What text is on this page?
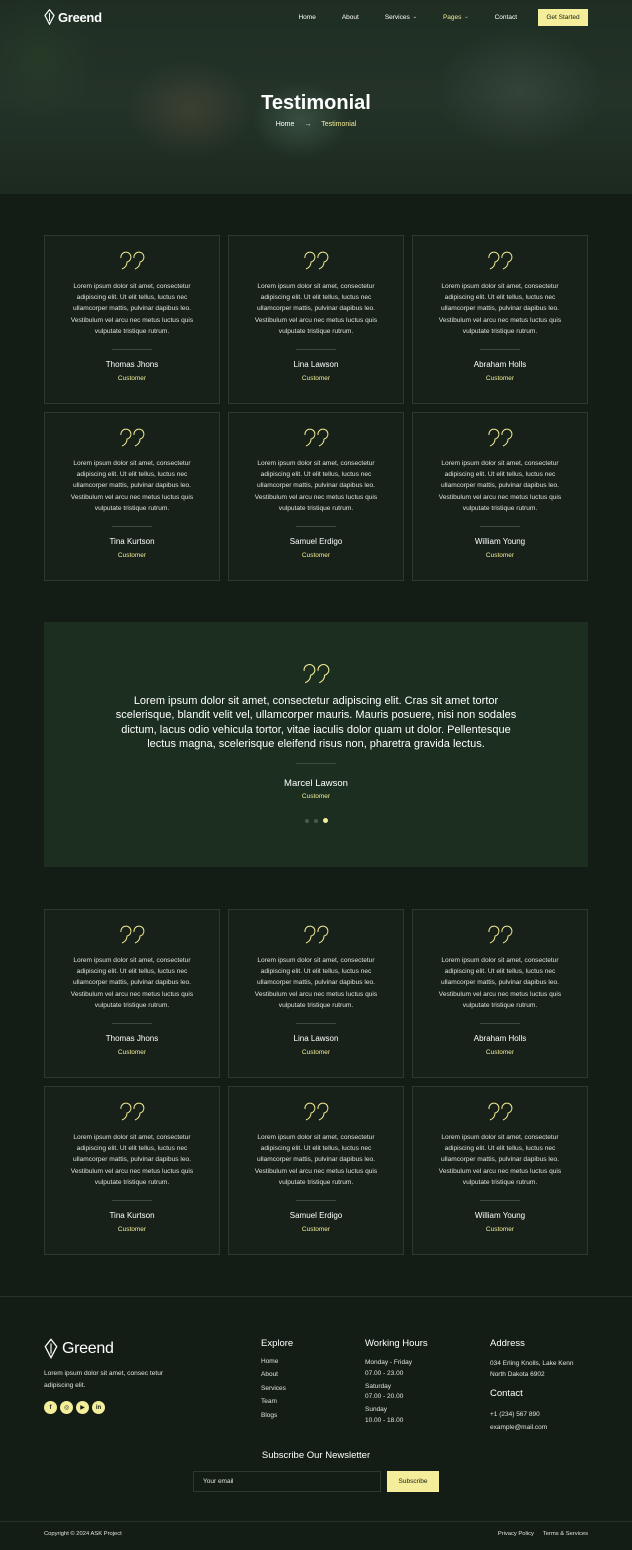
Greend	Home	About	Services ⌄	Pages ⌄	Contact	Get Started
Testimonial
Home → Testimonial

Lorem ipsum dolor sit amet, consectetur adipiscing elit. Ut elit tellus, luctus nec ullamcorper mattis, pulvinar dapibus leo. Vestibulum vel arcu nec metus luctus quis vulputate tristique rutrum.

Thomas Jhons
Customer

Lorem ipsum dolor sit amet, consectetur adipiscing elit. Ut elit tellus, luctus nec ullamcorper mattis, pulvinar dapibus leo. Vestibulum vel arcu nec metus luctus quis vulputate tristique rutrum.

Lina Lawson
Customer

Lorem ipsum dolor sit amet, consectetur adipiscing elit. Ut elit tellus, luctus nec ullamcorper mattis, pulvinar dapibus leo. Vestibulum vel arcu nec metus luctus quis vulputate tristique rutrum.

Abraham Holls
Customer

Lorem ipsum dolor sit amet, consectetur adipiscing elit. Ut elit tellus, luctus nec ullamcorper mattis, pulvinar dapibus leo. Vestibulum vel arcu nec metus luctus quis vulputate tristique rutrum.

Tina Kurtson
Customer

Lorem ipsum dolor sit amet, consectetur adipiscing elit. Ut elit tellus, luctus nec ullamcorper mattis, pulvinar dapibus leo. Vestibulum vel arcu nec metus luctus quis vulputate tristique rutrum.

Samuel Erdigo
Customer

Lorem ipsum dolor sit amet, consectetur adipiscing elit. Ut elit tellus, luctus nec ullamcorper mattis, pulvinar dapibus leo. Vestibulum vel arcu nec metus luctus quis vulputate tristique rutrum.

William Young
Customer

Lorem ipsum dolor sit amet, consectetur adipiscing elit. Cras sit amet tortor scelerisque, blandit velit vel, ullamcorper mauris. Mauris posuere, nisi non sodales dictum, lacus odio vehicula tortor, vitae iaculis dolor quam ut dolor. Pellentesque lectus magna, scelerisque eleifend risus non, pharetra gravida lectus.

Marcel Lawson
Customer

Lorem ipsum dolor sit amet, consectetur adipiscing elit. Ut elit tellus, luctus nec ullamcorper mattis, pulvinar dapibus leo. Vestibulum vel arcu nec metus luctus quis vulputate tristique rutrum.

Thomas Jhons
Customer

Lorem ipsum dolor sit amet, consectetur adipiscing elit. Ut elit tellus, luctus nec ullamcorper mattis, pulvinar dapibus leo. Vestibulum vel arcu nec metus luctus quis vulputate tristique rutrum.

Lina Lawson
Customer

Lorem ipsum dolor sit amet, consectetur adipiscing elit. Ut elit tellus, luctus nec ullamcorper mattis, pulvinar dapibus leo. Vestibulum vel arcu nec metus luctus quis vulputate tristique rutrum.

Abraham Holls
Customer

Lorem ipsum dolor sit amet, consectetur adipiscing elit. Ut elit tellus, luctus nec ullamcorper mattis, pulvinar dapibus leo. Vestibulum vel arcu nec metus luctus quis vulputate tristique rutrum.

Tina Kurtson
Customer

Lorem ipsum dolor sit amet, consectetur adipiscing elit. Ut elit tellus, luctus nec ullamcorper mattis, pulvinar dapibus leo. Vestibulum vel arcu nec metus luctus quis vulputate tristique rutrum.

Samuel Erdigo
Customer

Lorem ipsum dolor sit amet, consectetur adipiscing elit. Ut elit tellus, luctus nec ullamcorper mattis, pulvinar dapibus leo. Vestibulum vel arcu nec metus luctus quis vulputate tristique rutrum.

William Young
Customer
Greend

Lorem ipsum dolor sit amet, consec tetur adipiscing elit.

f	◎	▶	in
Explore
Home
About
Services
Team
Blogs
Working Hours
Monday - Friday
07.00 - 23.00
Saturday
07.00 - 20.00
Sunday
10.00 - 18.00
Address
034 Erling Knolls, Lake Kenn
North Dakota 6902
Contact
+1 (234) 567 890
example@mail.com
Subscribe Our Newsletter
Your email
Subscribe
Copyright © 2024 ASK Project	Privacy Policy Terms & Services
